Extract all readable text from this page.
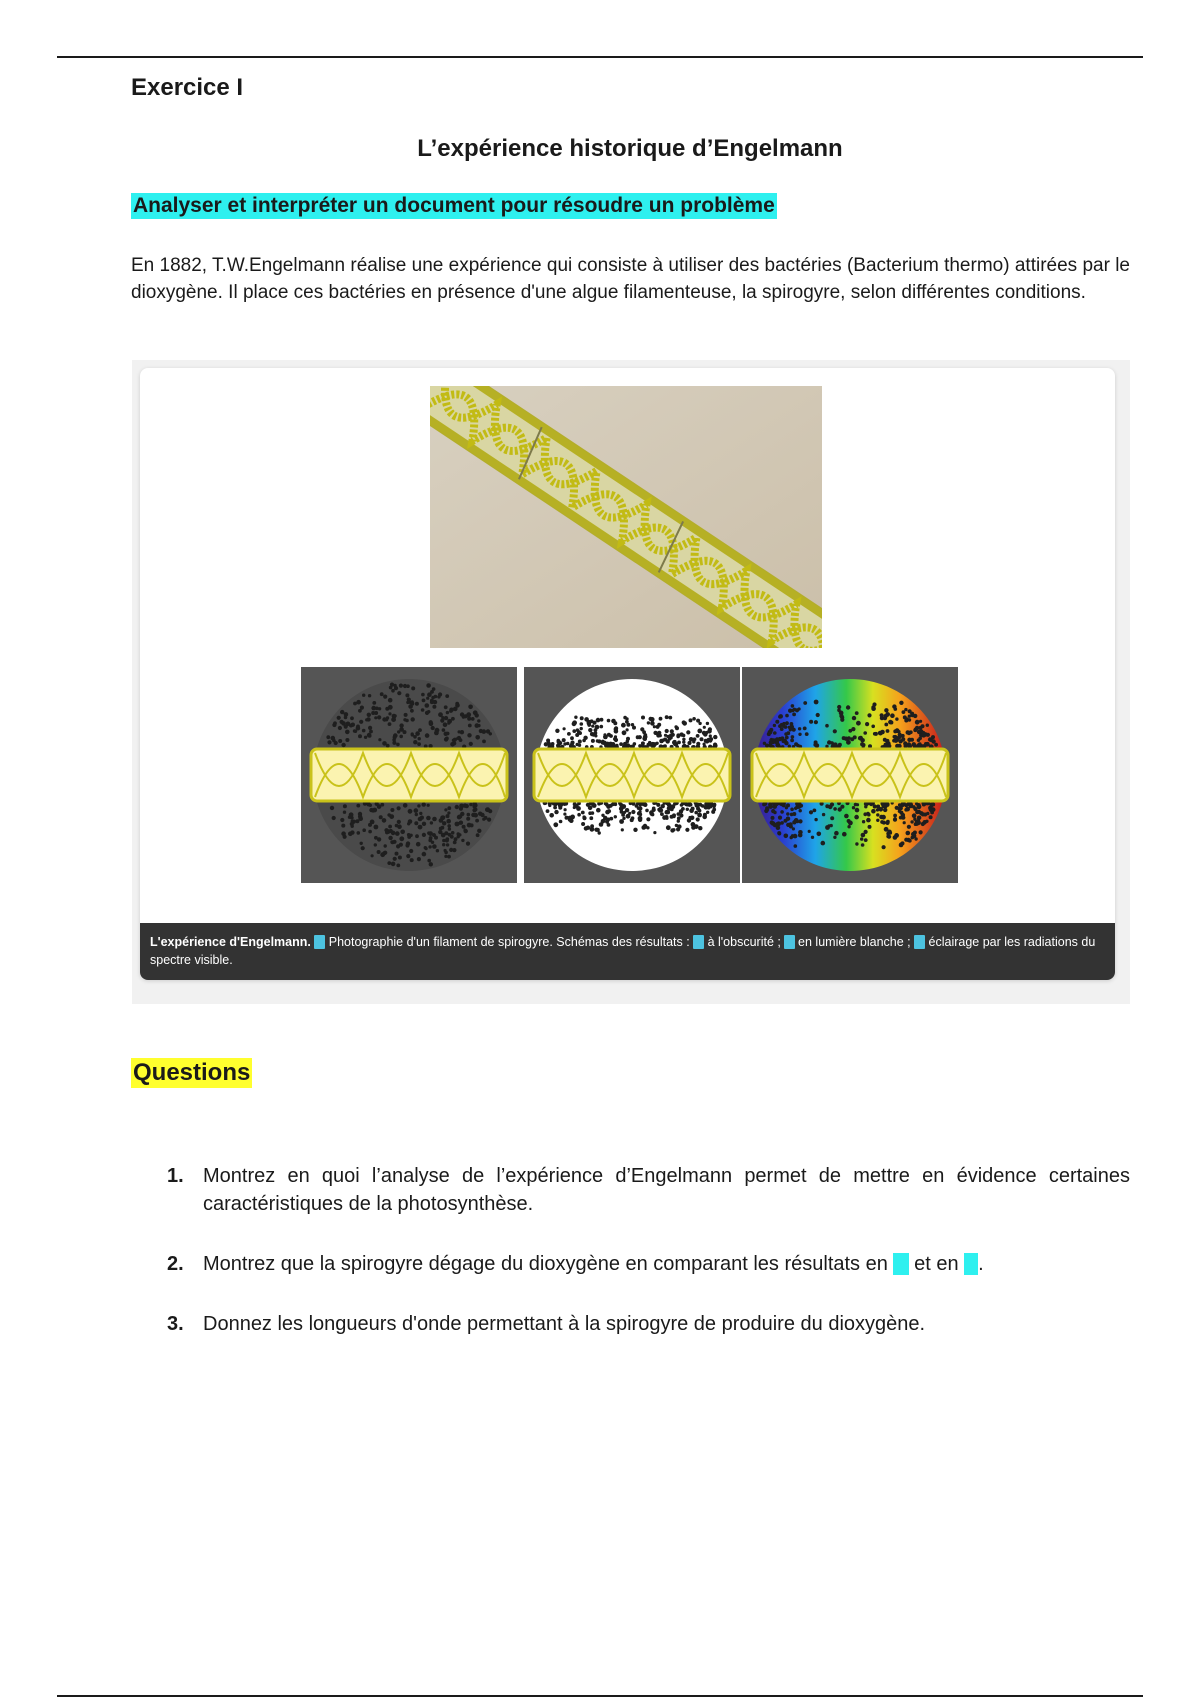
Exercice I
L’expérience historique d’Engelmann
Analyser et interpréter un document pour résoudre un problème

En 1882, T.W.Engelmann réalise une expérience qui consiste à utiliser des bactéries (Bacterium thermo) attirées par le dioxygène. Il place ces bactéries en présence d'une algue filamenteuse, la spirogyre, selon différentes conditions.

L'expérience d'Engelmann. a Photographie d'un filament de spirogyre. Schémas des résultats : b à l'obscurité ; c en lumière blanche ; d éclairage par les radiations du spectre visible.
Questions
1. Montrez en quoi l’analyse de l’expérience d’Engelmann permet de mettre en évidence certaines caractéristiques de la photosynthèse.
2. Montrez que la spirogyre dégage du dioxygène en comparant les résultats en b et en c .
3. Donnez les longueurs d'onde permettant à la spirogyre de produire du dioxygène.
